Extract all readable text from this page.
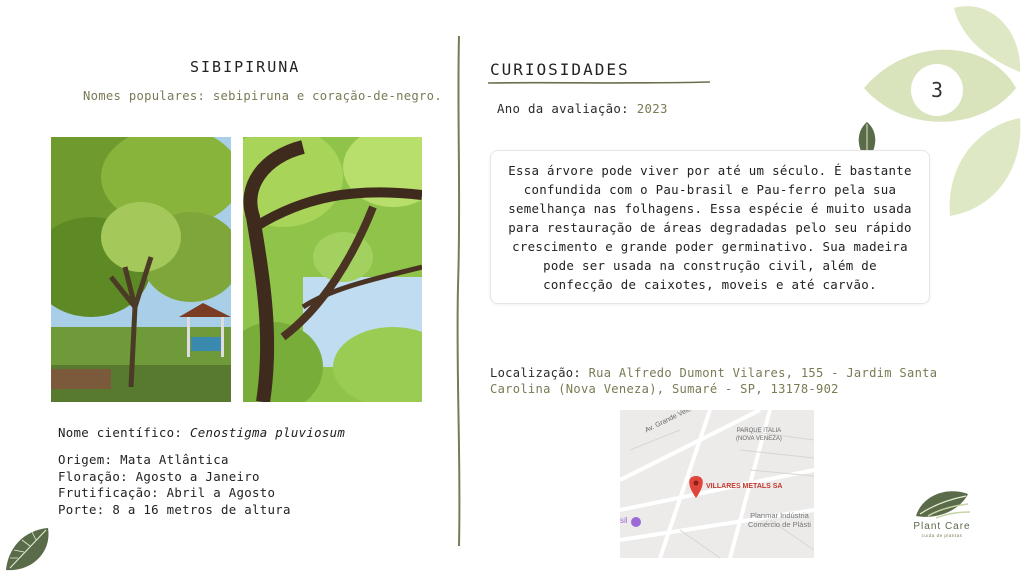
3
SIBIPIRUNA
Nomes populares: sebipiruna e coração-de-negro.
Nome científico: Cenostigma pluviosum
Origem: Mata Atlântica
Floração: Agosto a Janeiro
Frutificação: Abril a Agosto
Porte: 8 a 16 metros de altura
CURIOSIDADES
Ano da avaliação: 2023

Essa árvore pode viver por até um século. É bastante confundida com o Pau-brasil e Pau-ferro pela sua semelhança nas folhagens. Essa espécie é muito usada para restauração de áreas degradadas pelo seu rápido crescimento e grande poder germinativo. Sua madeira pode ser usada na construção civil, além de confecção de caixotes, moveis e até carvão.

Localização: Rua Alfredo Dumont Vilares, 155 - Jardim Santa Carolina (Nova Veneza), Sumaré - SP, 13178-902
PARQUE ITALIA
(NOVA VENEZA)
VILLARES METALS SA
Planmar Indústria
Comércio de Plásti
sil
Plant Care
cuida de plantas
